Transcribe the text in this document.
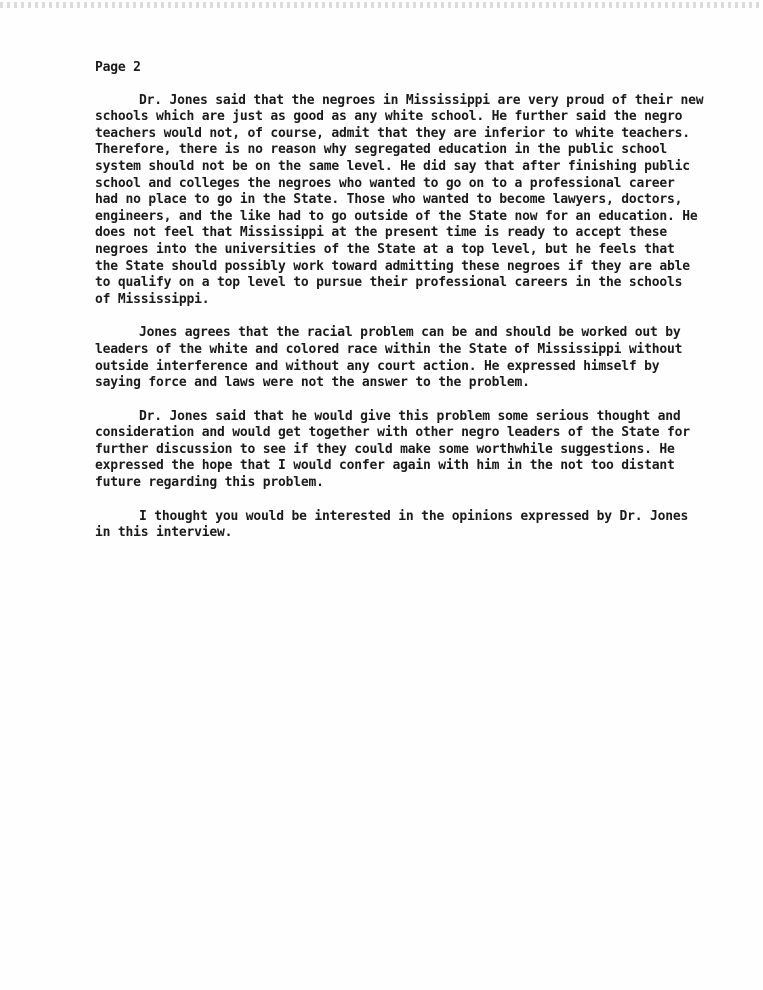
Page 2
Dr. Jones said that the negroes in Mississippi are very proud of their new schools which are just as good as any white school. He further said the negro teachers would not, of course, admit that they are inferior to white teachers. Therefore, there is no reason why segregated education in the public school system should not be on the same level. He did say that after finishing public school and colleges the negroes who wanted to go on to a professional career had no place to go in the State. Those who wanted to become lawyers, doctors, engineers, and the like had to go outside of the State now for an education. He does not feel that Mississippi at the present time is ready to accept these negroes into the universities of the State at a top level, but he feels that the State should possibly work toward admitting these negroes if they are able to qualify on a top level to pursue their professional careers in the schools of Mississippi.
Jones agrees that the racial problem can be and should be worked out by leaders of the white and colored race within the State of Mississippi without outside interference and without any court action. He expressed himself by saying force and laws were not the answer to the problem.
Dr. Jones said that he would give this problem some serious thought and consideration and would get together with other negro leaders of the State for further discussion to see if they could make some worthwhile suggestions. He expressed the hope that I would confer again with him in the not too distant future regarding this problem.
I thought you would be interested in the opinions expressed by Dr. Jones in this interview.
